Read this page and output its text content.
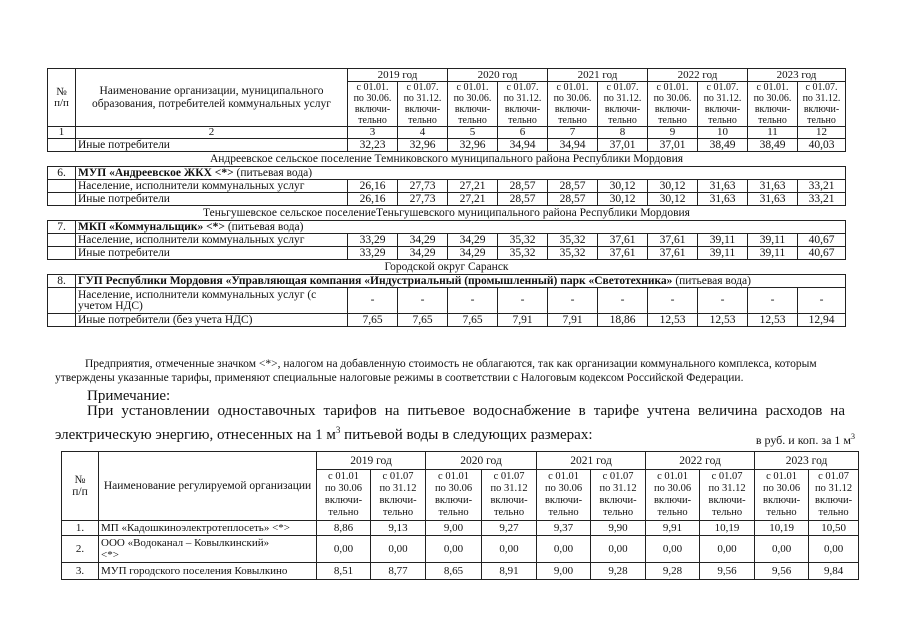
№
п/п	Наименование организации, муниципального образования, потребителей коммунальных услуг	2019 год		2020 год		2021 год		2022 год		2023 год	
		с 01.01.
по 30.06.
включи-
тельно	с 01.07.
по 31.12.
включи-
тельно	с 01.01.
по 30.06.
включи-
тельно	с 01.07.
по 31.12.
включи-
тельно	с 01.01.
по 30.06.
включи-
тельно	с 01.07.
по 31.12.
включи-
тельно	с 01.01.
по 30.06.
включи-
тельно	с 01.07.
по 31.12.
включи-
тельно	с 01.01.
по 30.06.
включи-
тельно	с 01.07.
по 31.12.
включи-
тельно
1	2	3	4	5	6	7	8	9	10	11	12
	Иные потребители	32,23	32,96	32,96	34,94	34,94	37,01	37,01	38,49	38,49	40,03
Андреевское сельское поселение Темниковского муниципального района Республики Мордовия											
6.	МУП «Андреевское ЖКХ <*> (питьевая вода)										
	Население, исполнители коммунальных услуг	26,16	27,73	27,21	28,57	28,57	30,12	30,12	31,63	31,63	33,21
	Иные потребители	26,16	27,73	27,21	28,57	28,57	30,12	30,12	31,63	31,63	33,21
Теньгушевское сельское поселениеТеньгушевского муниципального района Республики Мордовия											
7.	МКП «Коммунальщик» <*> (питьевая вода)										
	Население, исполнители коммунальных услуг	33,29	34,29	34,29	35,32	35,32	37,61	37,61	39,11	39,11	40,67
	Иные потребители	33,29	34,29	34,29	35,32	35,32	37,61	37,61	39,11	39,11	40,67
Городской округ Саранск											
8.	ГУП Республики Мордовия «Управляющая компания «Индустриальный (промышленный) парк «Светотехника» (питьевая вода)										
	Население, исполнители коммунальных услуг (с учетом НДС)	-	-	-	-	-	-	-	-	-	-
	Иные потребители (без учета НДС)	7,65	7,65	7,65	7,91	7,91	18,86	12,53	12,53	12,53	12,94

Предприятия, отмеченные значком <*>, налогом на добавленную стоимость не облагаются, так как организации коммунального комплекса, которым утверждены указанные тарифы, применяют специальные налоговые режимы в соответствии с Налоговым кодексом Российской Федерации.

Примечание:

При установлении одноставочных тарифов на питьевое водоснабжение в тарифе учтена величина расходов на электрическую энергию, отнесенных на 1 $м^3$ питьевой воды в следующих размерах:	в руб. и коп. за 1 $м^3$

№
п/п	Наименование регулируемой организации	2019 год		2020 год		2021 год		2022 год		2023 год	
		с 01.01
по 30.06
включи-
тельно	с 01.07
по 31.12
включи-
тельно	с 01.01
по 30.06
включи-
тельно	с 01.07
по 31.12
включи-
тельно	с 01.01
по 30.06
включи-
тельно	с 01.07
по 31.12
включи-
тельно	с 01.01
по 30.06
включи-
тельно	с 01.07
по 31.12
включи-
тельно	с 01.01
по 30.06
включи-
тельно	с 01.07
по 31.12
включи-
тельно
1.	МП «Кадошкиноэлектротеплосеть» <*>	8,86	9,13	9,00	9,27	9,37	9,90	9,91	10,19	10,19	10,50
2.	ООО «Водоканал – Ковылкинский»
<*>	0,00	0,00	0,00	0,00	0,00	0,00	0,00	0,00	0,00	0,00
3.	МУП городского поселения Ковылкино	8,51	8,77	8,65	8,91	9,00	9,28	9,28	9,56	9,56	9,84
